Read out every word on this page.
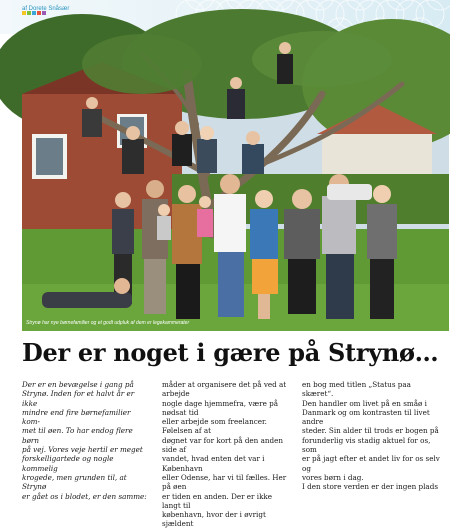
af Dorete Snåsær
Strynø har nye børnefamilier og et godt udpluk af dem er legekammerater
Der er noget i gære på Strynø…
Der er en bevægelse i gang på
Strynø. Inden for et halvt år er ikke
mindre end fire børnefamilier kom-
met til øen. To har endog flere børn
på vej. Vores veje hertil er meget
forskelligartede og nogle kommelig
krogede, men grunden til, at Strynø
er gået os i blodet, er den samme:
måder at organisere det på ved at arbejde
nogle dage hjemmefra, være på nødsat tid
eller arbejde som freelancer. Følelsen af at
døgnet var for kort på den anden side af
vandet, hvad enten det var i København
eller Odense, har vi til fælles. Her på øen
er tiden en anden. Der er ikke langt til
københavn, hvor der i øvrigt sjældent
en bog med titlen „Status paa skæret“.
Den handler om livet på en småø i
Danmark og om kontrasten til livet andre
steder. Sin alder til trods er bogen på
forunderlig vis stadig aktuel for os, som
er på jagt efter et andet liv for os selv og
vores børn i dag.
I den store verden er der ingen plads
